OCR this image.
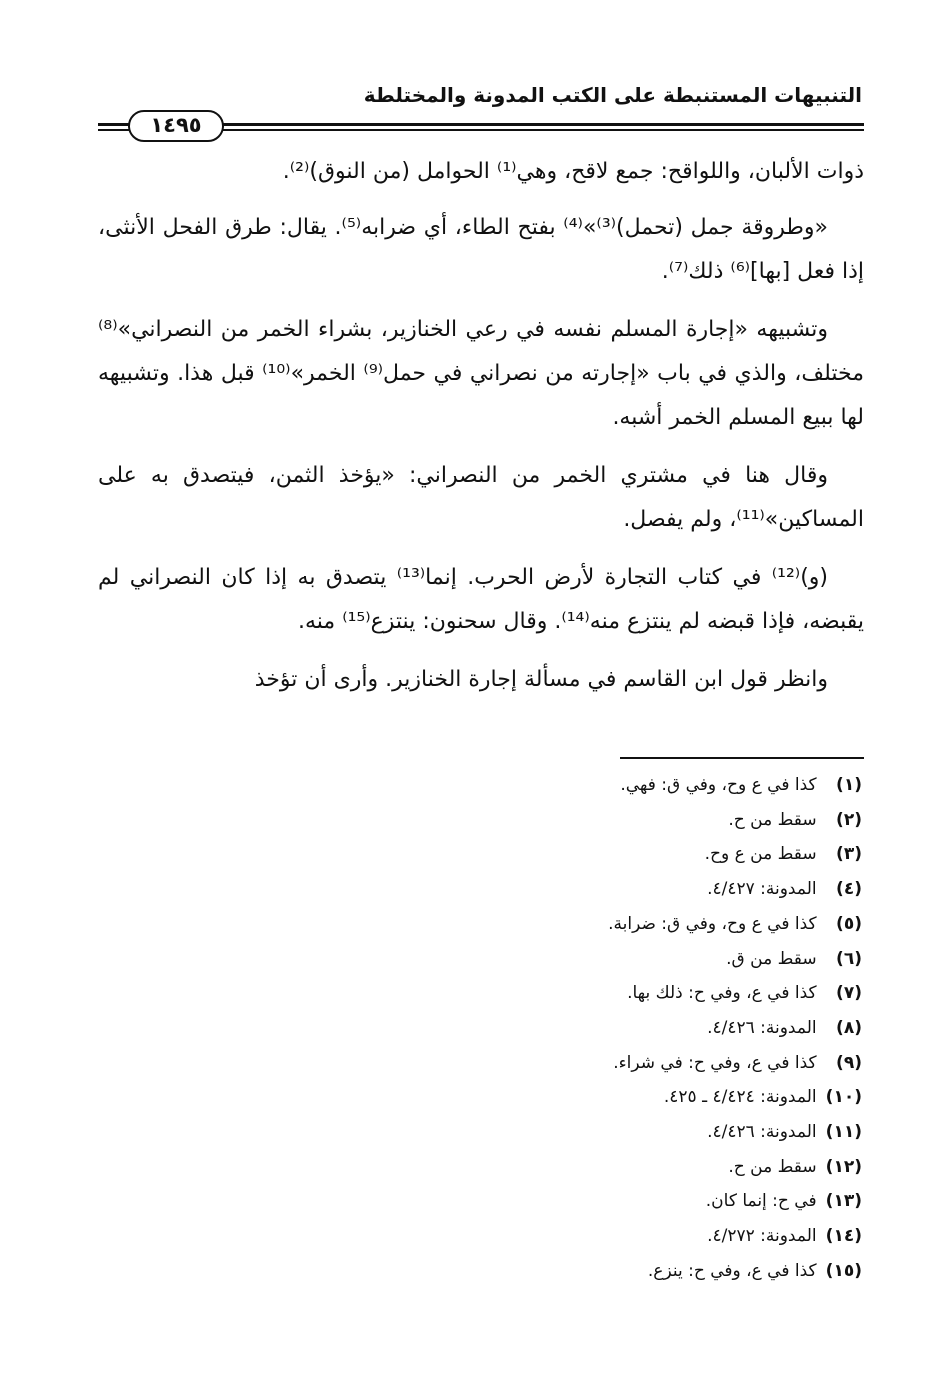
التنبيهات المستنبطة على الكتب المدونة والمختلطة
١٤٩٥

ذوات الألبان، واللواقح: جمع لاقح، وهي⁽¹⁾ الحوامل (من النوق)⁽²⁾.

«وطروقة جمل (تحمل)⁽³⁾»⁽⁴⁾ بفتح الطاء، أي ضرابه⁽⁵⁾. يقال: طرق الفحل الأنثى، إذا فعل [بها]⁽⁶⁾ ذلك⁽⁷⁾.

وتشبيهه «إجارة المسلم نفسه في رعي الخنازير، بشراء الخمر من النصراني»⁽⁸⁾ مختلف، والذي في باب «إجارته من نصراني في حمل⁽⁹⁾ الخمر»⁽¹⁰⁾ قبل هذا. وتشبيهه لها ببيع المسلم الخمر أشبه.

وقال هنا في مشتري الخمر من النصراني: «يؤخذ الثمن، فيتصدق به على المساكين»⁽¹¹⁾، ولم يفصل.

(و)⁽¹²⁾ في كتاب التجارة لأرض الحرب. إنما⁽¹³⁾ يتصدق به إذا كان النصراني لم يقبضه، فإذا قبضه لم ينتزع منه⁽¹⁴⁾. وقال سحنون: ينتزع⁽¹⁵⁾ منه.

وانظر قول ابن القاسم في مسألة إجارة الخنازير. وأرى أن تؤخذ

(١) كذا في ع وح، وفي ق: فهي.
(٢) سقط من ح.
(٣) سقط من ع وح.
(٤) المدونة: ٤/٤٢٧.
(٥) كذا في ع وح، وفي ق: ضرابة.
(٦) سقط من ق.
(٧) كذا في ع، وفي ح: ذلك بها.
(٨) المدونة: ٤/٤٢٦.
(٩) كذا في ع، وفي ح: في شراء.
(١٠) المدونة: ٤/٤٢٤ ـ ٤٢٥.
(١١) المدونة: ٤/٤٢٦.
(١٢) سقط من ح.
(١٣) في ح: إنما كان.
(١٤) المدونة: ٤/٢٧٢.
(١٥) كذا في ع، وفي ح: ينزع.
